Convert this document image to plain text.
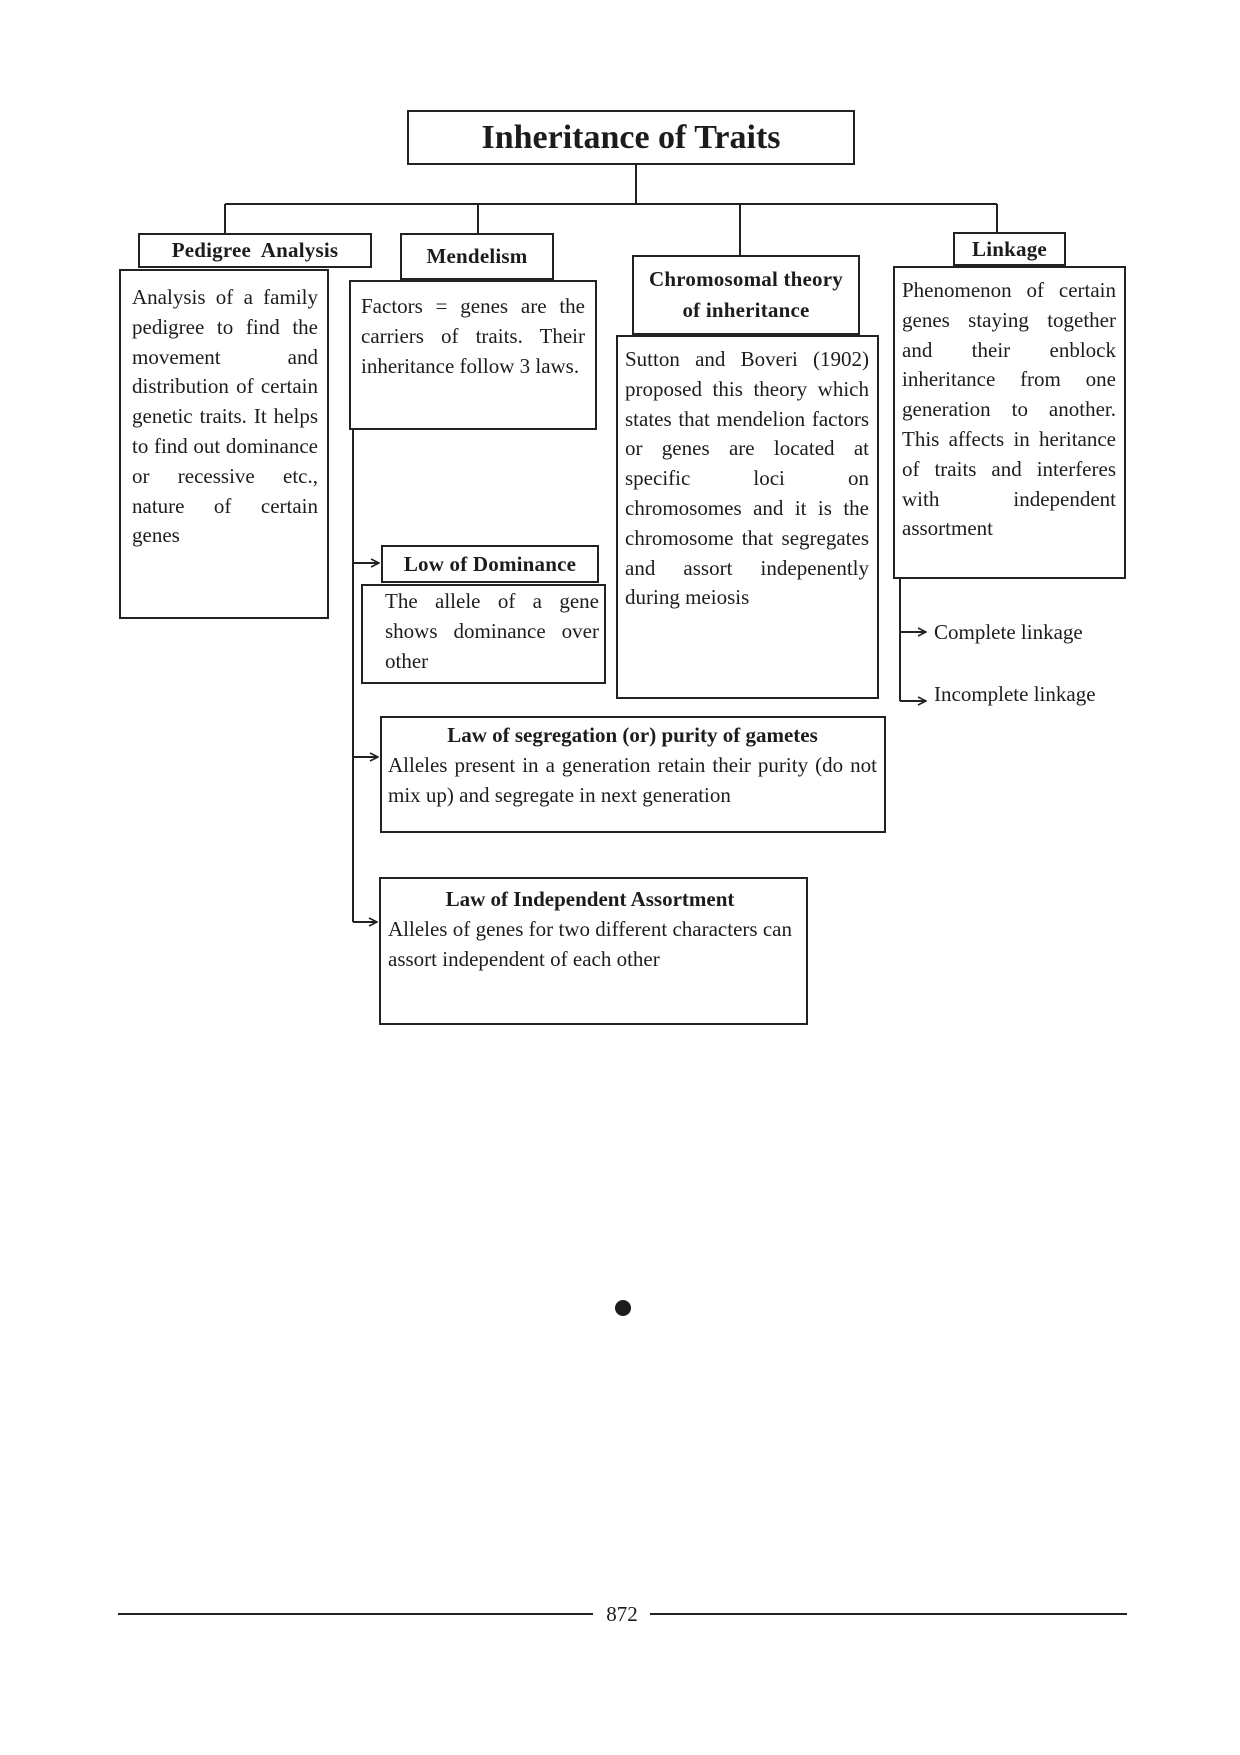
Inheritance of Traits
Pedigree  Analysis
Analysis of a family pedigree to find the movement and distribution of certain genetic traits. It helps to find out dominance or recessive etc., nature of certain genes
Mendelism
Factors = genes are the carriers of traits. Their inheritance follow 3 laws.
Chromosomal theory of inheritance
Sutton and Boveri (1902) proposed this theory which states that mendelion factors or genes are located at specific loci on chromosomes and it is the chromosome that segregates and assort indepenently during meiosis
Linkage
Phenomenon of certain genes staying together and their enblock inheritance from one generation to another. This affects in heritance of traits and interferes with independent assortment
Complete linkage
Incomplete linkage
Low of Dominance
The allele of a gene shows dominance over other
Law of segregation (or) purity of gametes
Alleles present in a generation retain their purity (do not mix up) and segregate in next generation
Law of Independent Assortment
Alleles of genes for two different characters can assort independent of each other
872
